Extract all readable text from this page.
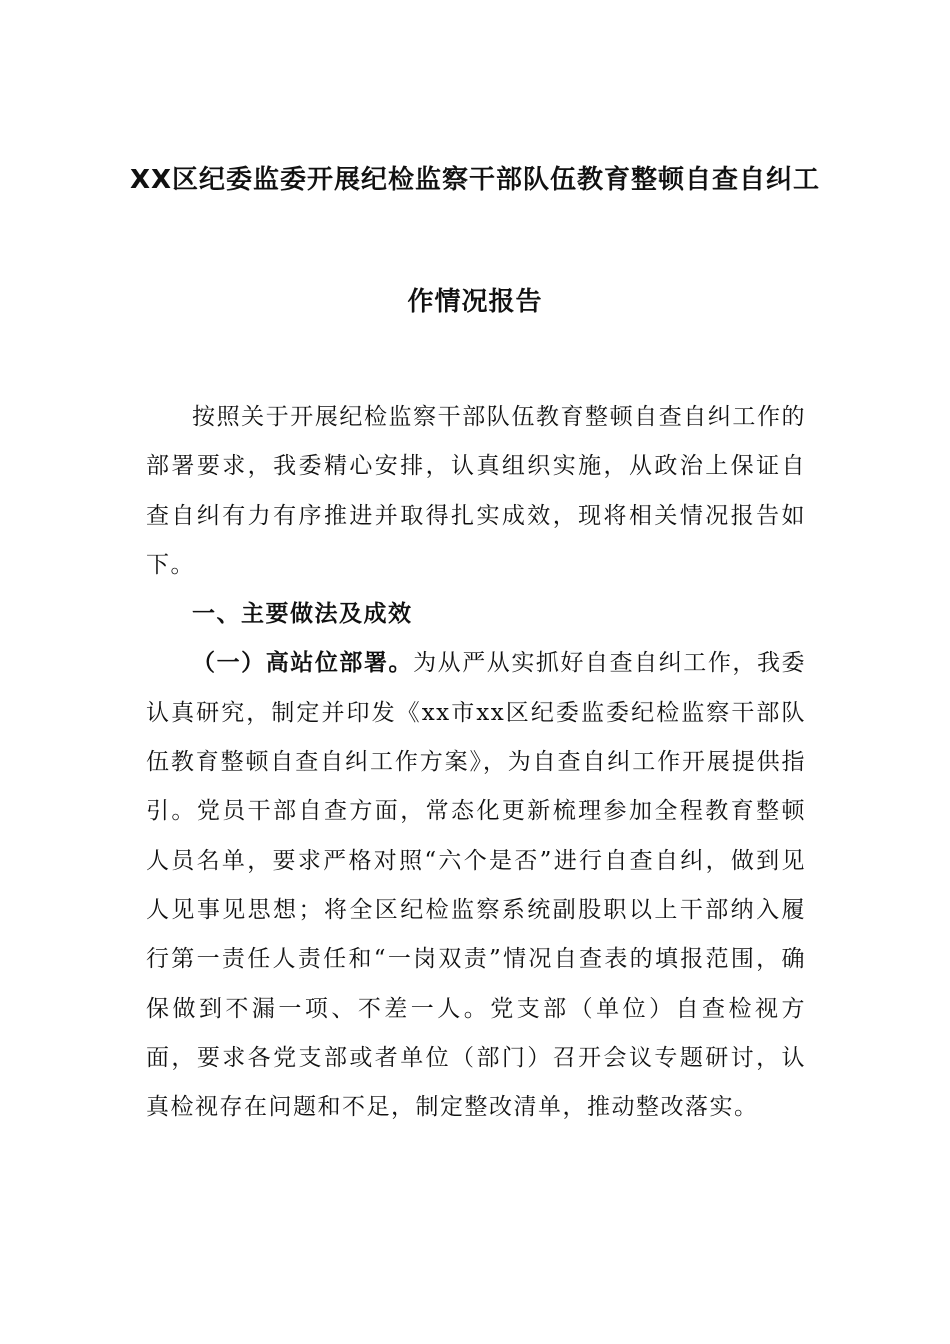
XX区纪委监委开展纪检监察干部队伍教育整顿自查自纠工
作情况报告

按照关于开展纪检监察干部队伍教育整顿自查自纠工作的部署要求，我委精心安排，认真组织实施，从政治上保证自查自纠有力有序推进并取得扎实成效，现将相关情况报告如下。

一、主要做法及成效

（一）高站位部署。为从严从实抓好自查自纠工作，我委认真研究，制定并印发《xx市xx区纪委监委纪检监察干部队伍教育整顿自查自纠工作方案》，为自查自纠工作开展提供指引。党员干部自查方面，常态化更新梳理参加全程教育整顿人员名单，要求严格对照“六个是否”进行自查自纠，做到见人见事见思想；将全区纪检监察系统副股职以上干部纳入履行第一责任人责任和“一岗双责”情况自查表的填报范围，确保做到不漏一项、不差一人。党支部（单位）自查检视方面，要求各党支部或者单位（部门）召开会议专题研讨，认真检视存在问题和不足，制定整改清单，推动整改落实。
